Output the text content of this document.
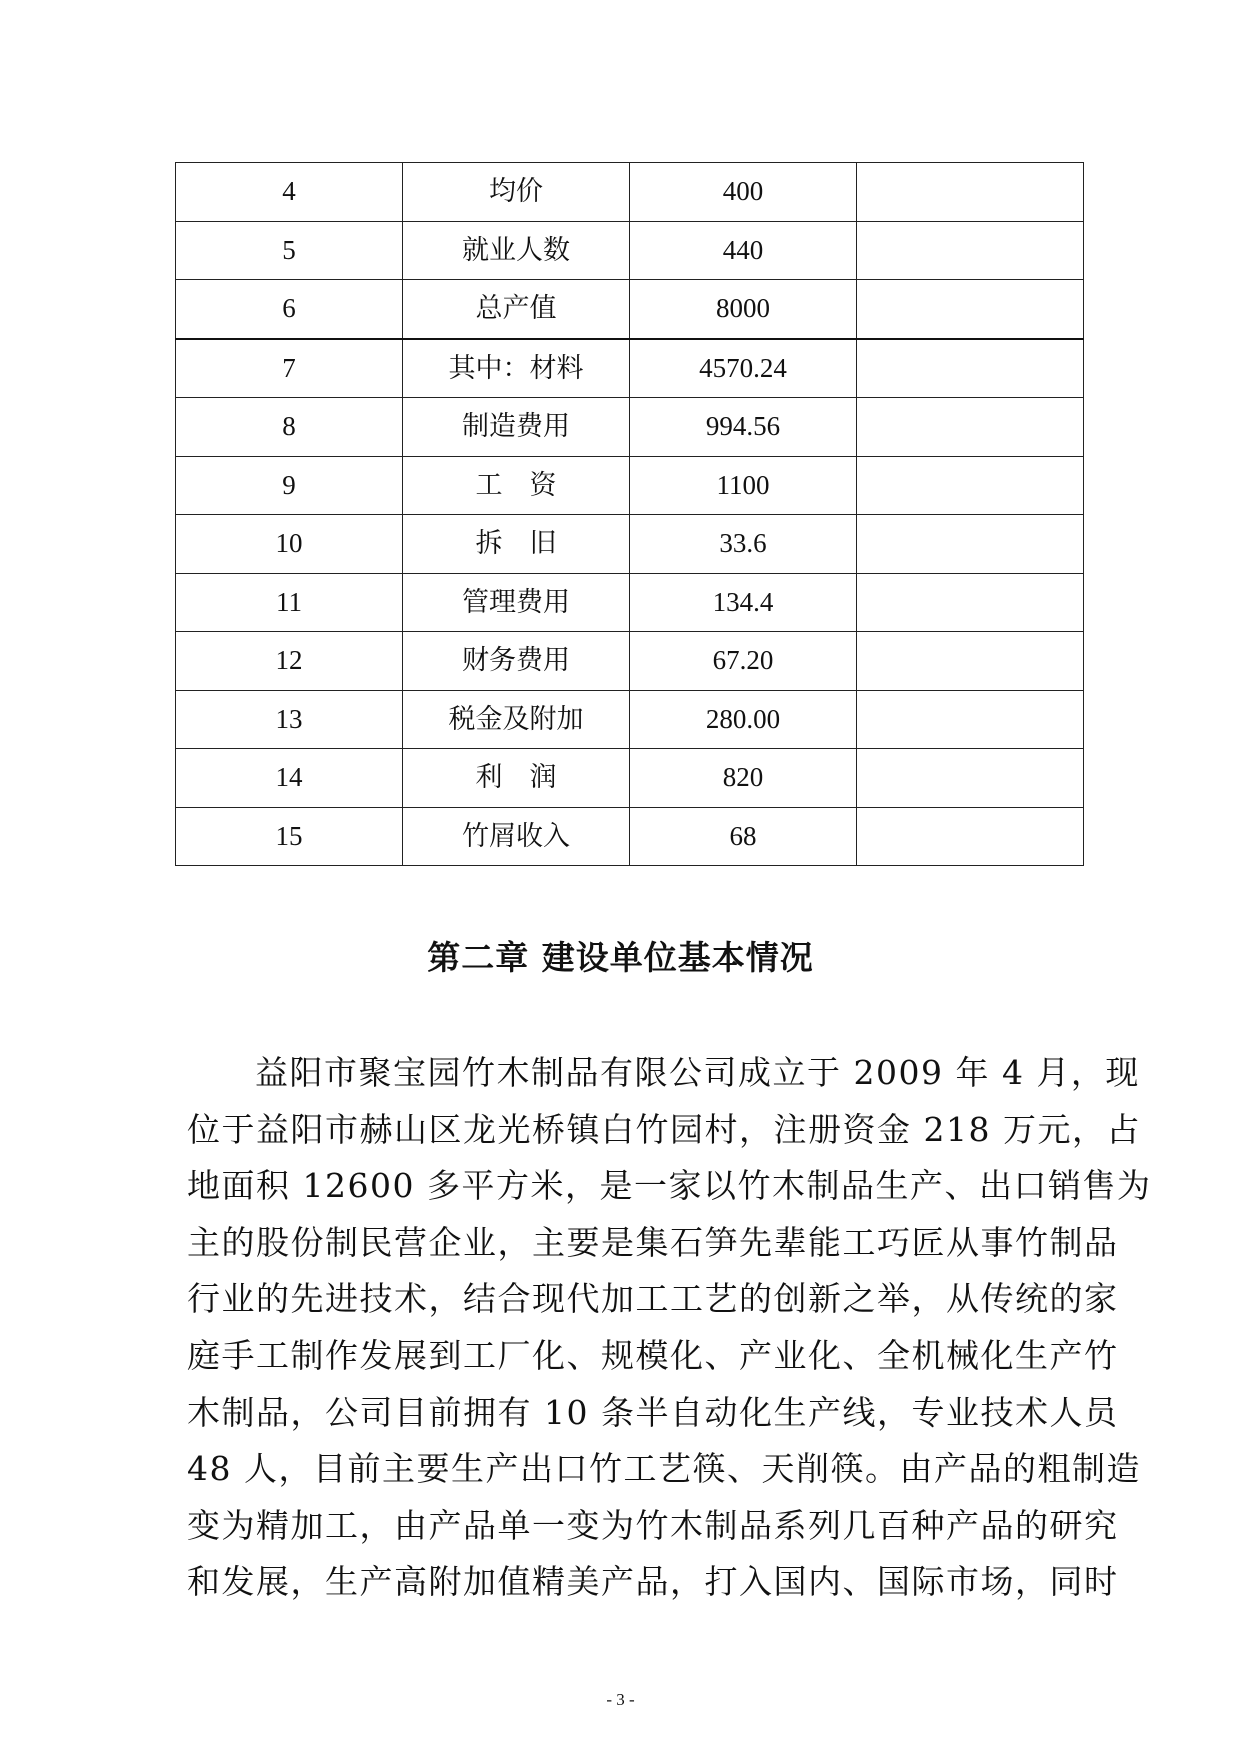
4	均价	400	
5	就业人数	440	
6	总产值	8000	
7	其中：材料	4570.24	
8	制造费用	994.56	
9	工　资	1100	
10	拆　旧	33.6	
11	管理费用	134.4	
12	财务费用	67.20	
13	税金及附加	280.00	
14	利　润	820	
15	竹屑收入	68	
第二章 建设单位基本情况
益阳市聚宝园竹木制品有限公司成立于 2009 年 4 月，现
位于益阳市赫山区龙光桥镇白竹园村，注册资金 218 万元，占
地面积 12600 多平方米，是一家以竹木制品生产、出口销售为
主的股份制民营企业，主要是集石笋先辈能工巧匠从事竹制品
行业的先进技术，结合现代加工工艺的创新之举，从传统的家
庭手工制作发展到工厂化、规模化、产业化、全机械化生产竹
木制品，公司目前拥有 10 条半自动化生产线，专业技术人员
48 人，目前主要生产出口竹工艺筷、天削筷。由产品的粗制造
变为精加工，由产品单一变为竹木制品系列几百种产品的研究
和发展，生产高附加值精美产品，打入国内、国际市场，同时
- 3 -
